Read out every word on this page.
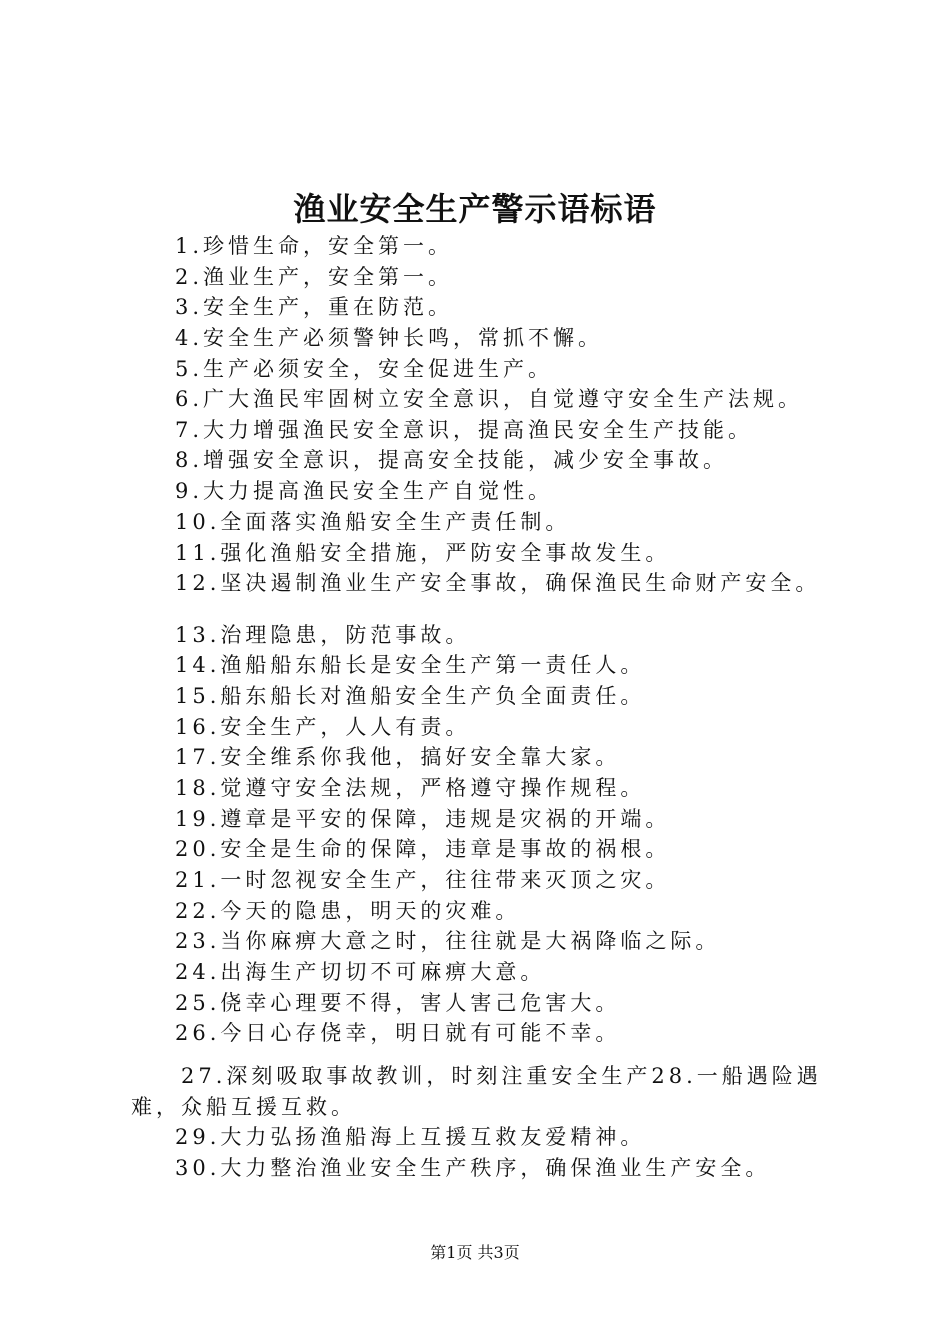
渔业安全生产警示语标语
1.珍惜生命，安全第一。
2.渔业生产，安全第一。
3.安全生产，重在防范。
4.安全生产必须警钟长鸣，常抓不懈。
5.生产必须安全，安全促进生产。
6.广大渔民牢固树立安全意识，自觉遵守安全生产法规。
7.大力增强渔民安全意识，提高渔民安全生产技能。
8.增强安全意识，提高安全技能，减少安全事故。
9.大力提高渔民安全生产自觉性。
10.全面落实渔船安全生产责任制。
11.强化渔船安全措施，严防安全事故发生。
12.坚决遏制渔业生产安全事故，确保渔民生命财产安全。
13.治理隐患，防范事故。
14.渔船船东船长是安全生产第一责任人。
15.船东船长对渔船安全生产负全面责任。
16.安全生产，人人有责。
17.安全维系你我他，搞好安全靠大家。
18.觉遵守安全法规，严格遵守操作规程。
19.遵章是平安的保障，违规是灾祸的开端。
20.安全是生命的保障，违章是事故的祸根。
21.一时忽视安全生产，往往带来灭顶之灾。
22.今天的隐患，明天的灾难。
23.当你麻痹大意之时，往往就是大祸降临之际。
24.出海生产切切不可麻痹大意。
25.侥幸心理要不得，害人害己危害大。
26.今日心存侥幸，明日就有可能不幸。
27.深刻吸取事故教训，时刻注重安全生产28.一船遇险遇
难，众船互援互救。
29.大力弘扬渔船海上互援互救友爱精神。
30.大力整治渔业安全生产秩序，确保渔业生产安全。
第1页 共3页
